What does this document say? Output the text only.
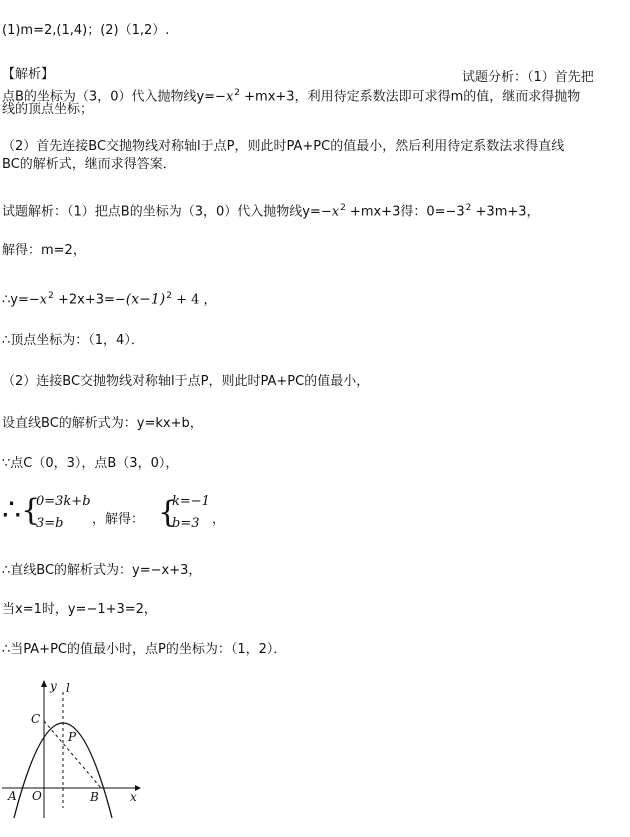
(1)m=2,(1,4)；(2)（1,2）.
【解析】	试题分析：（1）首先把
点B的坐标为（3，0）代入抛物线$y=-x^2 +mx+3$，利用待定系数法即可求得m的值，继而求得抛物
线的顶点坐标；
（2）首先连接BC交抛物线对称轴l于点P，则此时PA+PC的值最小，然后利用待定系数法求得直线
BC的解析式，继而求得答案．
试题解析：（1）把点B的坐标为（3，0）代入抛物线$y=-x^2 +mx+3$得：$0=-3^2 +3m+3$，
解得：m=2，
$\therefore y=-x^2 +2x+3=-(x-1)^2 + 4$ ，
∴顶点坐标为：（1，4）．
（2）连接BC交抛物线对称轴l于点P，则此时PA+PC的值最小，
设直线BC的解析式为：y=kx+b，
∵点C（0，3），点B（3，0），
∴{
0=3k+b
3=b ，解得： {
k=−1
b=3 ，
∴直线BC的解析式为：y=−x+3，
当x=1时，y=−1+3=2，
∴当PA+PC的值最小时，点P的坐标为：（1，2）．
A O	B
C
P
x
y l
